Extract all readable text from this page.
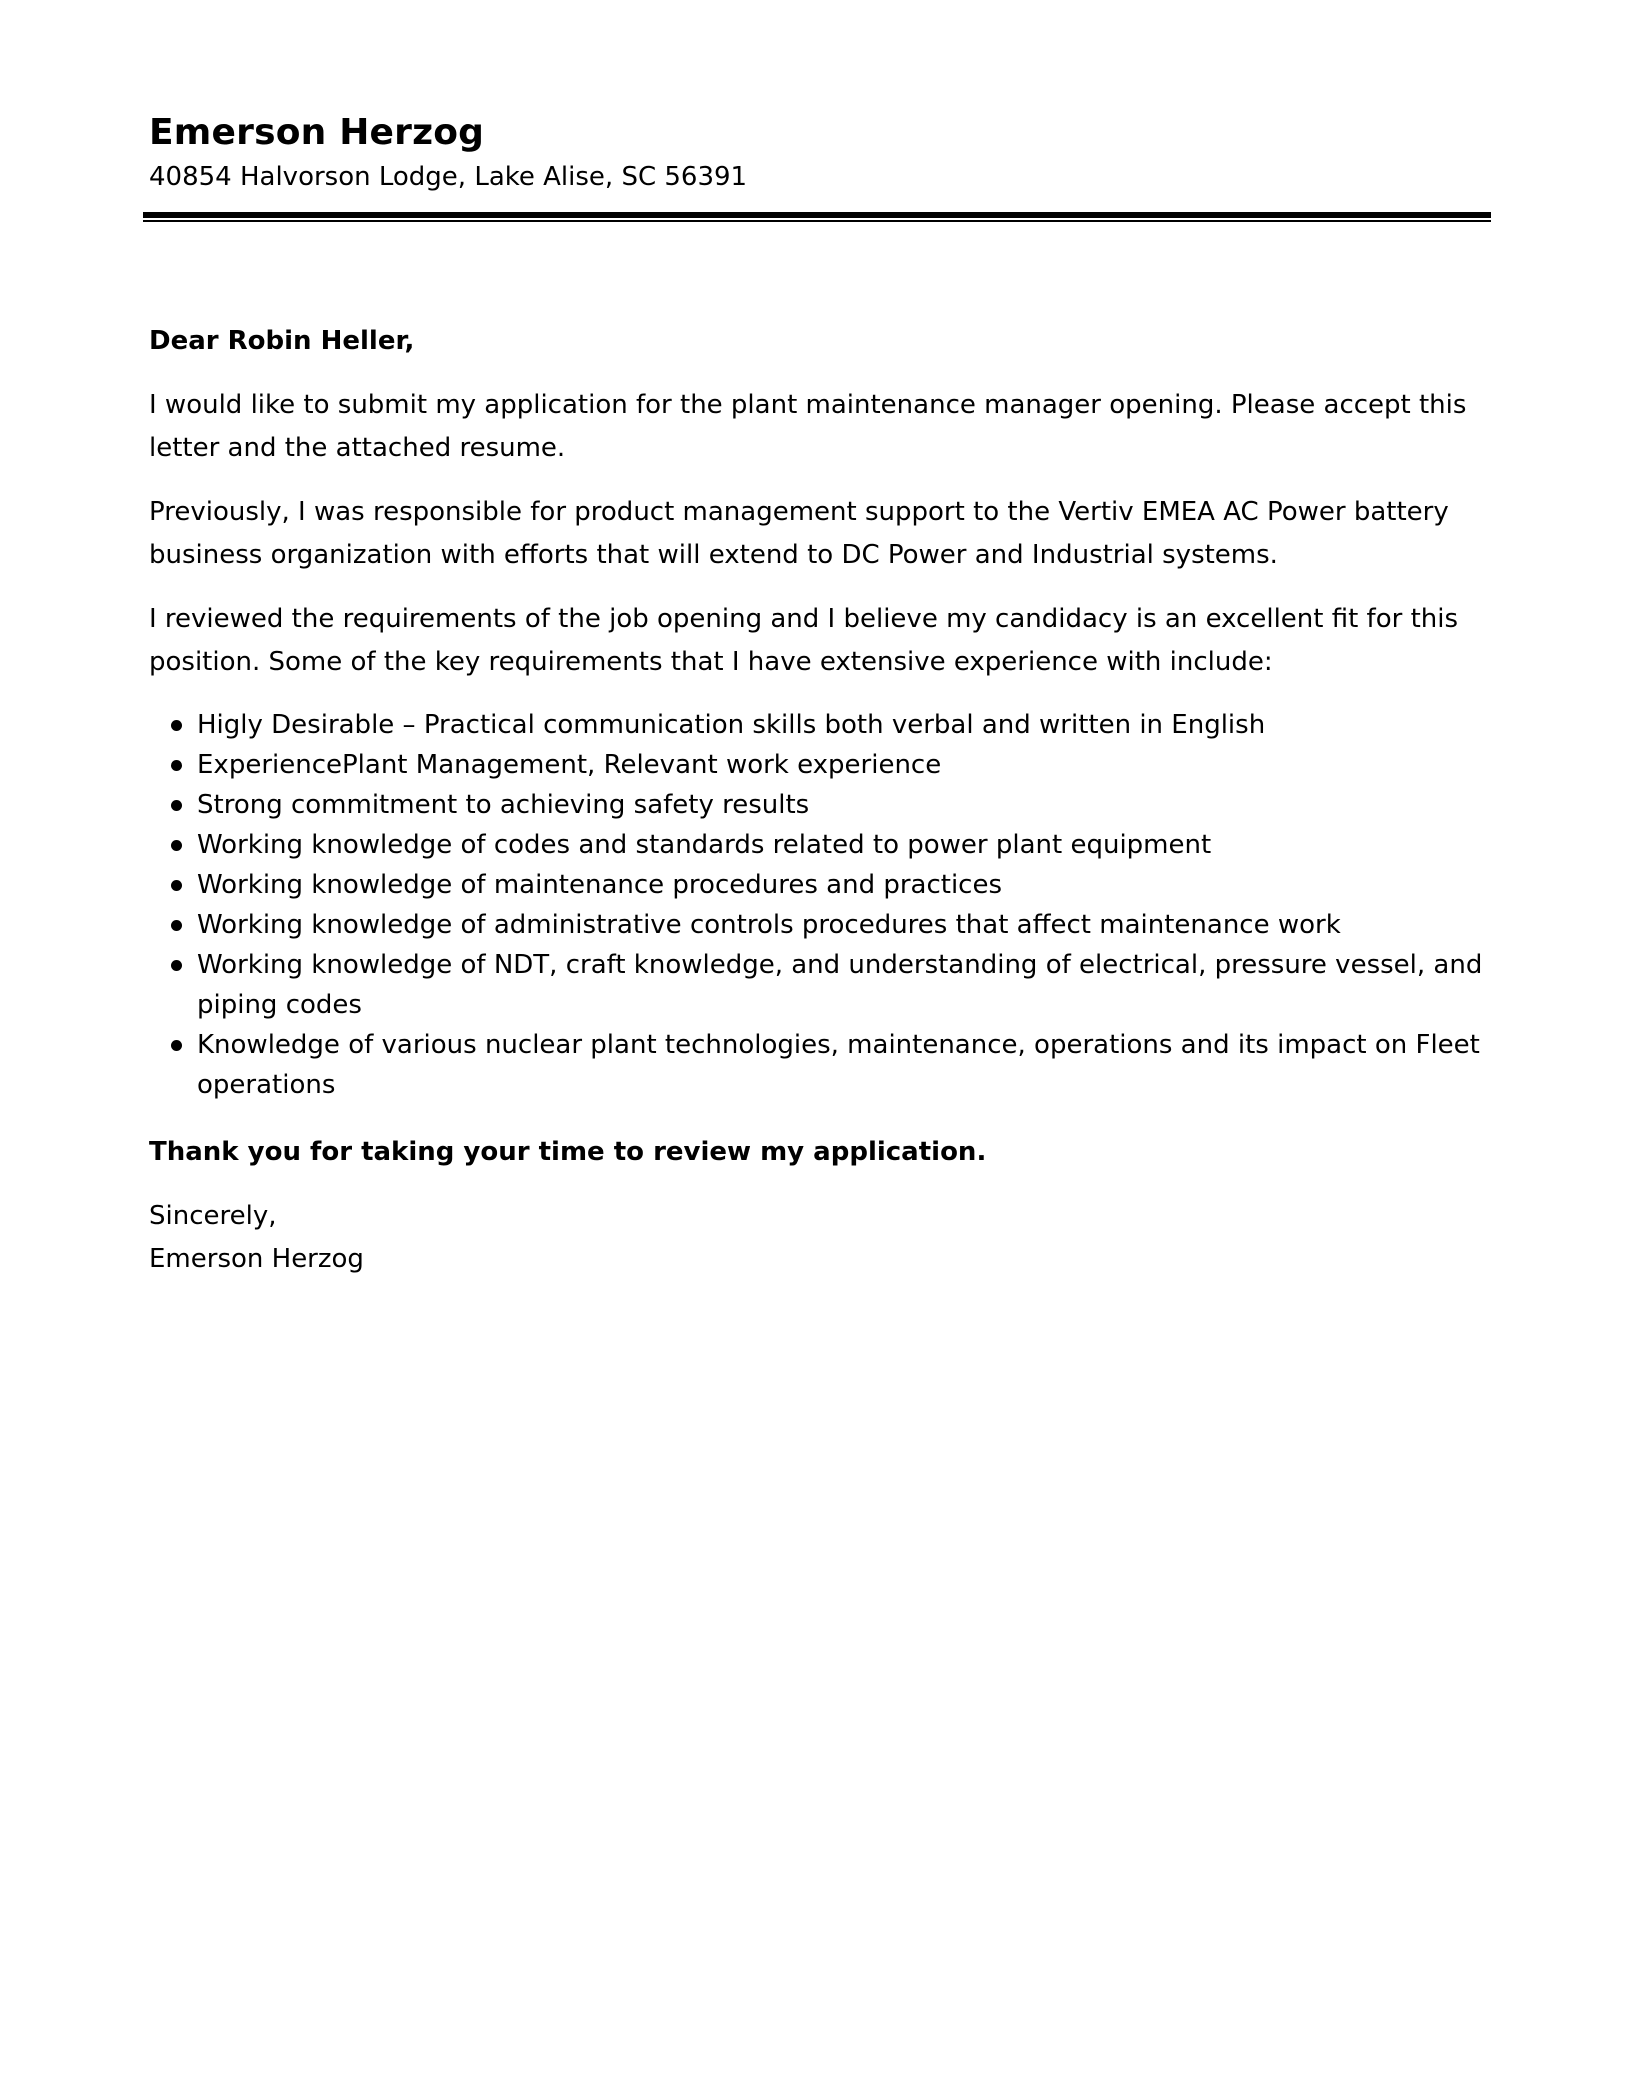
Emerson Herzog

40854 Halvorson Lodge, Lake Alise, SC 56391

Dear Robin Heller,

I would like to submit my application for the plant maintenance manager opening. Please accept this letter and the attached resume.

Previously, I was responsible for product management support to the Vertiv EMEA AC Power battery business organization with efforts that will extend to DC Power and Industrial systems.

I reviewed the requirements of the job opening and I believe my candidacy is an excellent fit for this position. Some of the key requirements that I have extensive experience with include:

Higly Desirable – Practical communication skills both verbal and written in English
ExperiencePlant Management, Relevant work experience
Strong commitment to achieving safety results
Working knowledge of codes and standards related to power plant equipment
Working knowledge of maintenance procedures and practices
Working knowledge of administrative controls procedures that affect maintenance work
Working knowledge of NDT, craft knowledge, and understanding of electrical, pressure vessel, and piping codes
Knowledge of various nuclear plant technologies, maintenance, operations and its impact on Fleet operations

Thank you for taking your time to review my application.

Sincerely,

Emerson Herzog
